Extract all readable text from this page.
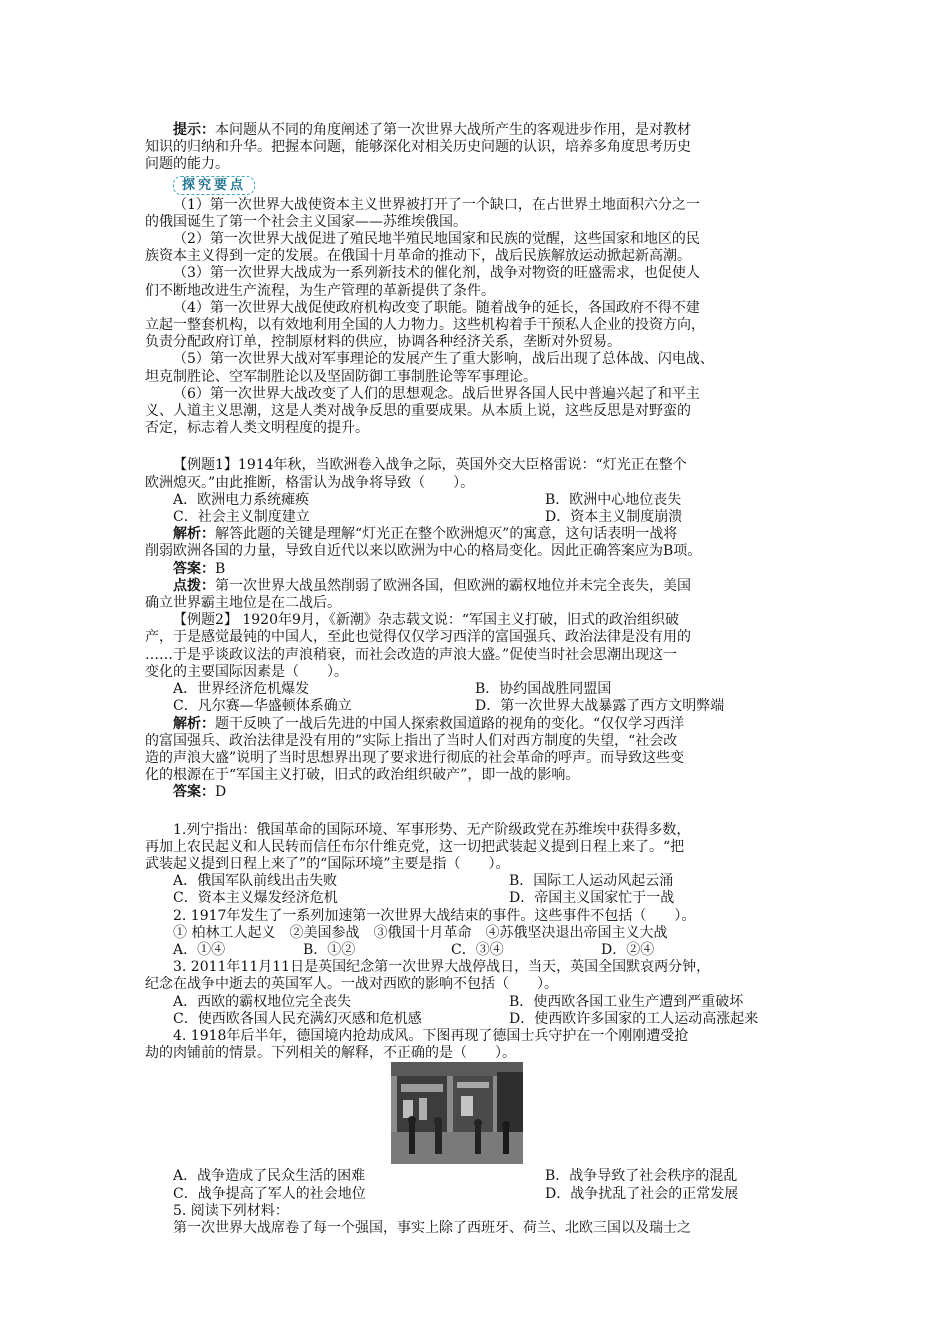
提示：本问题从不同的角度阐述了第一次世界大战所产生的客观进步作用，是对教材

知识的归纳和升华。把握本问题，能够深化对相关历史问题的认识，培养多角度思考历史

问题的能力。

探究要点

（1）第一次世界大战使资本主义世界被打开了一个缺口，在占世界土地面积六分之一

的俄国诞生了第一个社会主义国家——苏维埃俄国。

（2）第一次世界大战促进了殖民地半殖民地国家和民族的觉醒，这些国家和地区的民

族资本主义得到一定的发展。在俄国十月革命的推动下，战后民族解放运动掀起新高潮。

（3）第一次世界大战成为一系列新技术的催化剂，战争对物资的旺盛需求，也促使人

们不断地改进生产流程，为生产管理的革新提供了条件。

（4）第一次世界大战促使政府机构改变了职能。随着战争的延长，各国政府不得不建

立起一整套机构，以有效地利用全国的人力物力。这些机构着手干预私人企业的投资方向，

负责分配政府订单，控制原材料的供应，协调各种经济关系，垄断对外贸易。

（5）第一次世界大战对军事理论的发展产生了重大影响，战后出现了总体战、闪电战、

坦克制胜论、空军制胜论以及坚固防御工事制胜论等军事理论。

（6）第一次世界大战改变了人们的思想观念。战后世界各国人民中普遍兴起了和平主

义、人道主义思潮，这是人类对战争反思的重要成果。从本质上说，这些反思是对野蛮的

否定，标志着人类文明程度的提升。

【例题1】1914年秋，当欧洲卷入战争之际，英国外交大臣格雷说：“灯光正在整个

欧洲熄灭。”由此推断，格雷认为战争将导致（　　）。

A．欧洲电力系统瘫痪	B．欧洲中心地位丧失
C．社会主义制度建立	D．资本主义制度崩溃

解析：解答此题的关键是理解“灯光正在整个欧洲熄灭”的寓意，这句话表明一战将

削弱欧洲各国的力量，导致自近代以来以欧洲为中心的格局变化。因此正确答案应为B项。

答案：B

点拨：第一次世界大战虽然削弱了欧洲各国，但欧洲的霸权地位并未完全丧失，美国

确立世界霸主地位是在二战后。

【例题2】 1920年9月，《新潮》杂志载文说：“军国主义打破，旧式的政治组织破

产，于是感觉最钝的中国人，至此也觉得仅仅学习西洋的富国强兵、政治法律是没有用的

……于是乎谈政议法的声浪稍衰，而社会改造的声浪大盛。”促使当时社会思潮出现这一

变化的主要国际因素是（　　）。

A．世界经济危机爆发	B．协约国战胜同盟国
C．凡尔赛—华盛顿体系确立	D．第一次世界大战暴露了西方文明弊端

解析：题干反映了一战后先进的中国人探索救国道路的视角的变化。“仅仅学习西洋

的富国强兵、政治法律是没有用的”实际上指出了当时人们对西方制度的失望，“社会改

造的声浪大盛”说明了当时思想界出现了要求进行彻底的社会革命的呼声。而导致这些变

化的根源在于“军国主义打破，旧式的政治组织破产”，即一战的影响。

答案：D

1.列宁指出：俄国革命的国际环境、军事形势、无产阶级政党在苏维埃中获得多数，

再加上农民起义和人民转而信任布尔什维克党，这一切把武装起义提到日程上来了。“把

武装起义提到日程上来了”的“国际环境”主要是指（　　）。

A．俄国军队前线出击失败	B．国际工人运动风起云涌
C．资本主义爆发经济危机	D．帝国主义国家忙于一战

2. 1917年发生了一系列加速第一次世界大战结束的事件。这些事件不包括（　　）。

① 柏林工人起义　②美国参战　③俄国十月革命　④苏俄坚决退出帝国主义大战

A．①④	B．①②	C．③④	D．②④

3. 2011年11月11日是英国纪念第一次世界大战停战日，当天，英国全国默哀两分钟，

纪念在战争中逝去的英国军人。一战对西欧的影响不包括（　　）。

A．西欧的霸权地位完全丧失	B．使西欧各国工业生产遭到严重破坏
C．使西欧各国人民充满幻灭感和危机感	D．使西欧许多国家的工人运动高涨起来

4. 1918年后半年，德国境内抢劫成风。下图再现了德国士兵守护在一个刚刚遭受抢

劫的肉铺前的情景。下列相关的解释，不正确的是（　　）。

A．战争造成了民众生活的困难	B．战争导致了社会秩序的混乱
C．战争提高了军人的社会地位	D．战争扰乱了社会的正常发展

5. 阅读下列材料：

第一次世界大战席卷了每一个强国，事实上除了西班牙、荷兰、北欧三国以及瑞士之
